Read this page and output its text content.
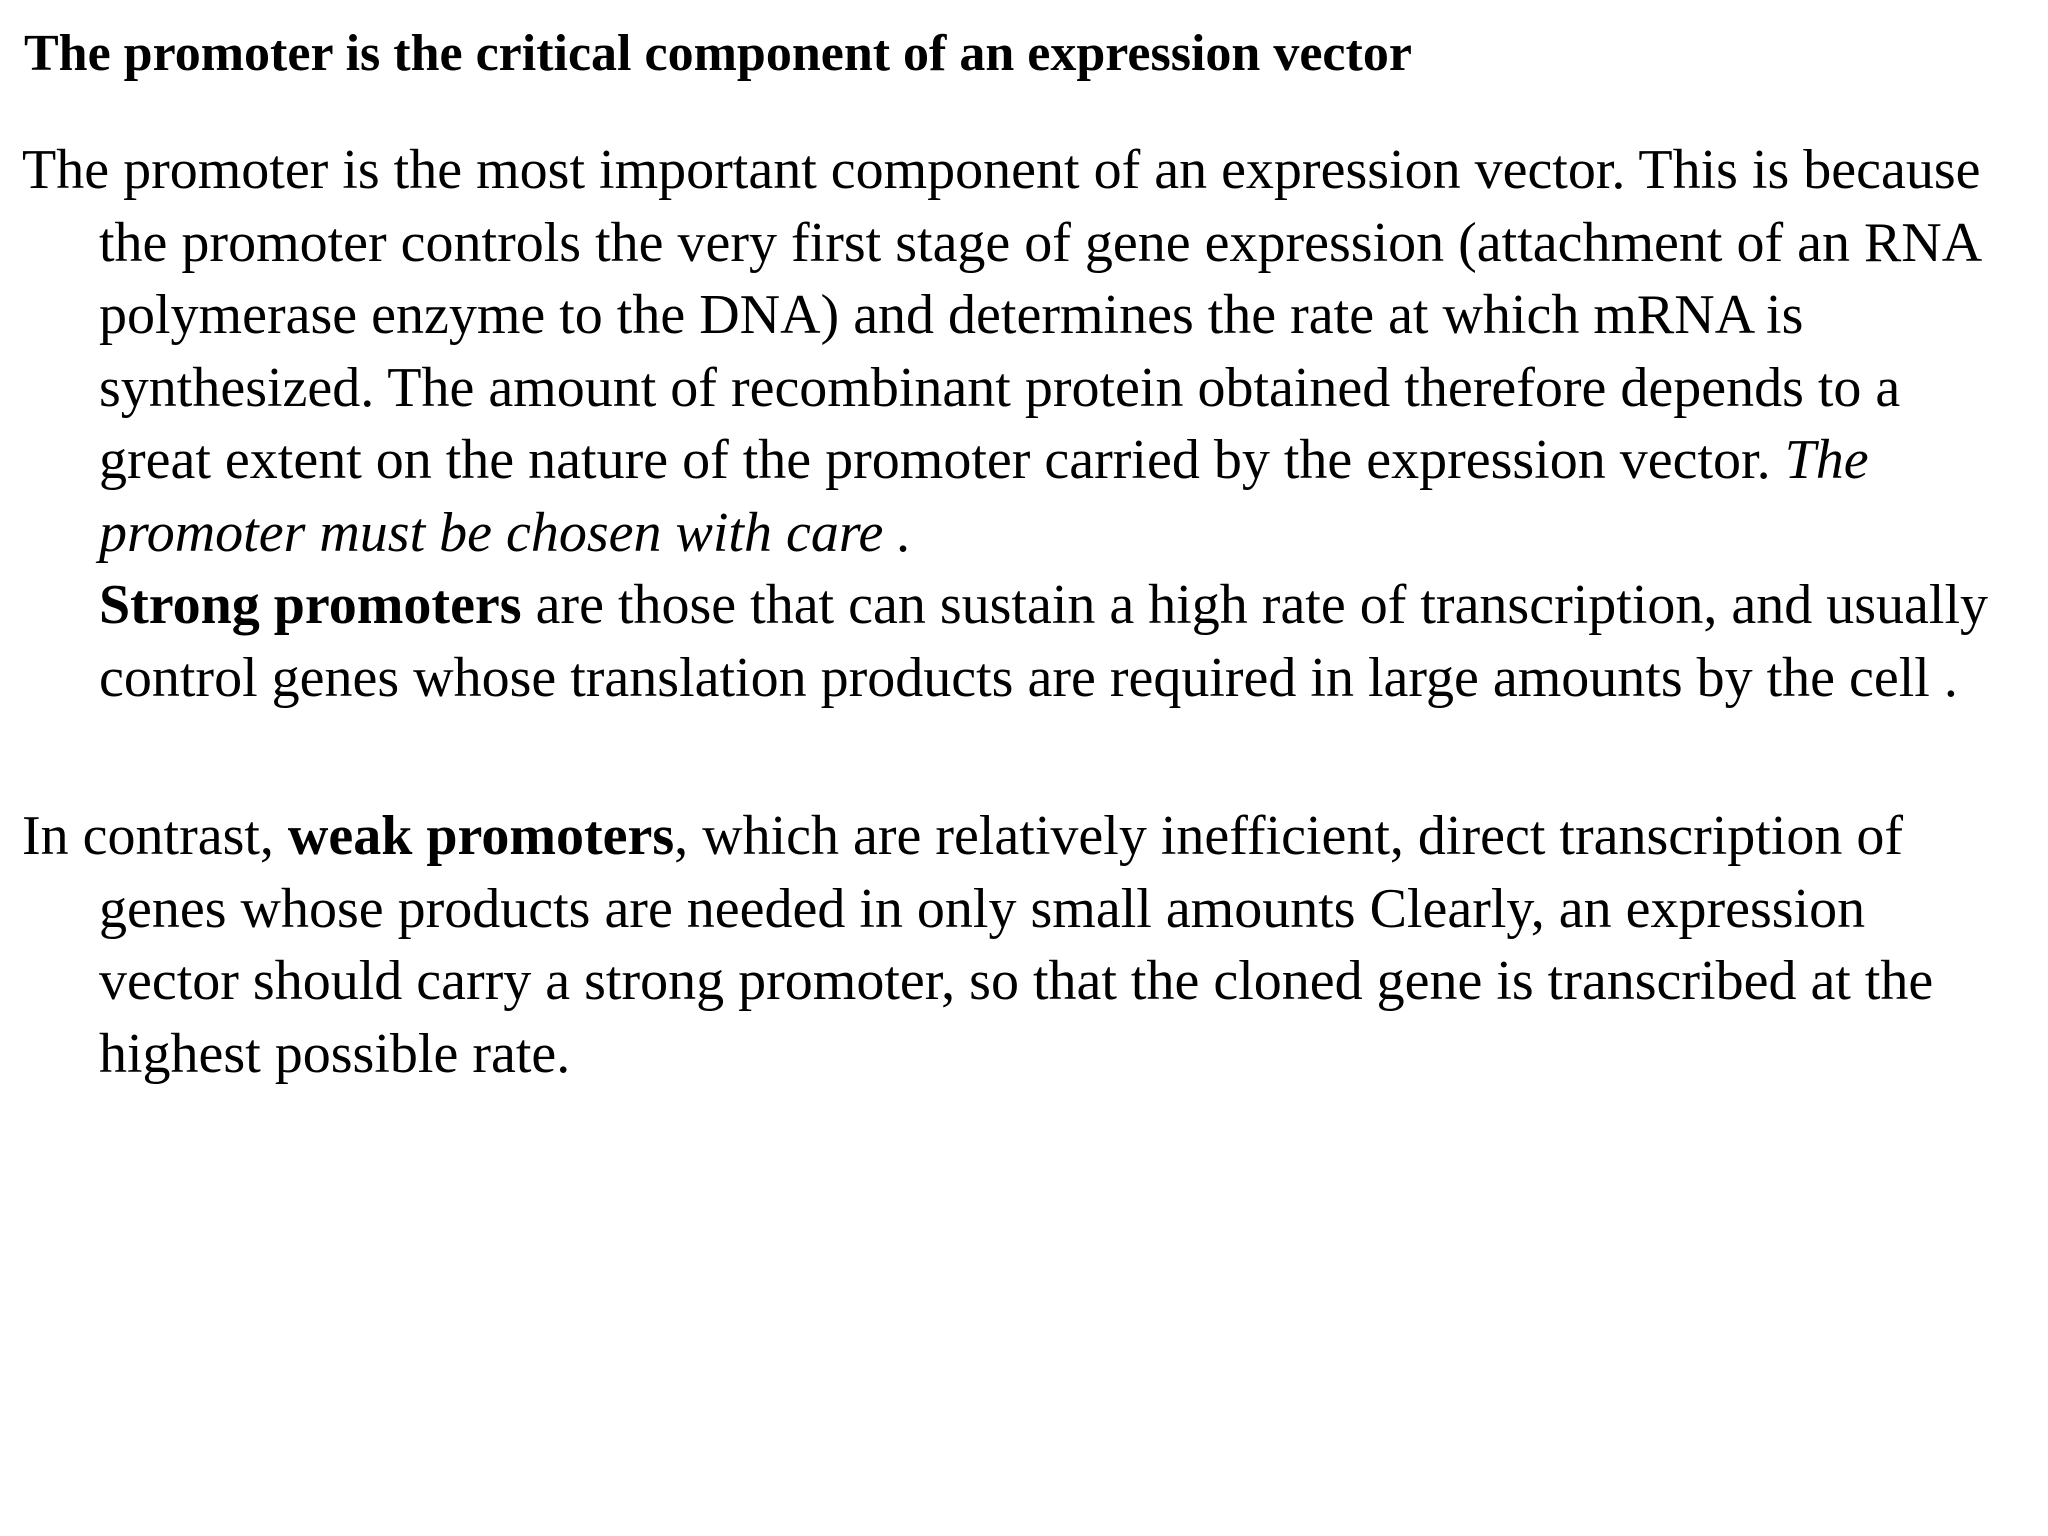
The promoter is the critical component of an expression vector

The promoter is the most important component of an expression vector. This is because the promoter controls the very first stage of gene expression (attachment of an RNA polymerase enzyme to the DNA) and determines the rate at which mRNA is synthesized. The amount of recombinant protein obtained therefore depends to a great extent on the nature of the promoter carried by the expression vector. The promoter must be chosen with care .
Strong promoters are those that can sustain a high rate of transcription, and usually control genes whose translation products are required in large amounts by the cell .

In contrast, weak promoters, which are relatively inefficient, direct transcription of genes whose products are needed in only small amounts Clearly, an expression vector should carry a strong promoter, so that the cloned gene is transcribed at the highest possible rate.
